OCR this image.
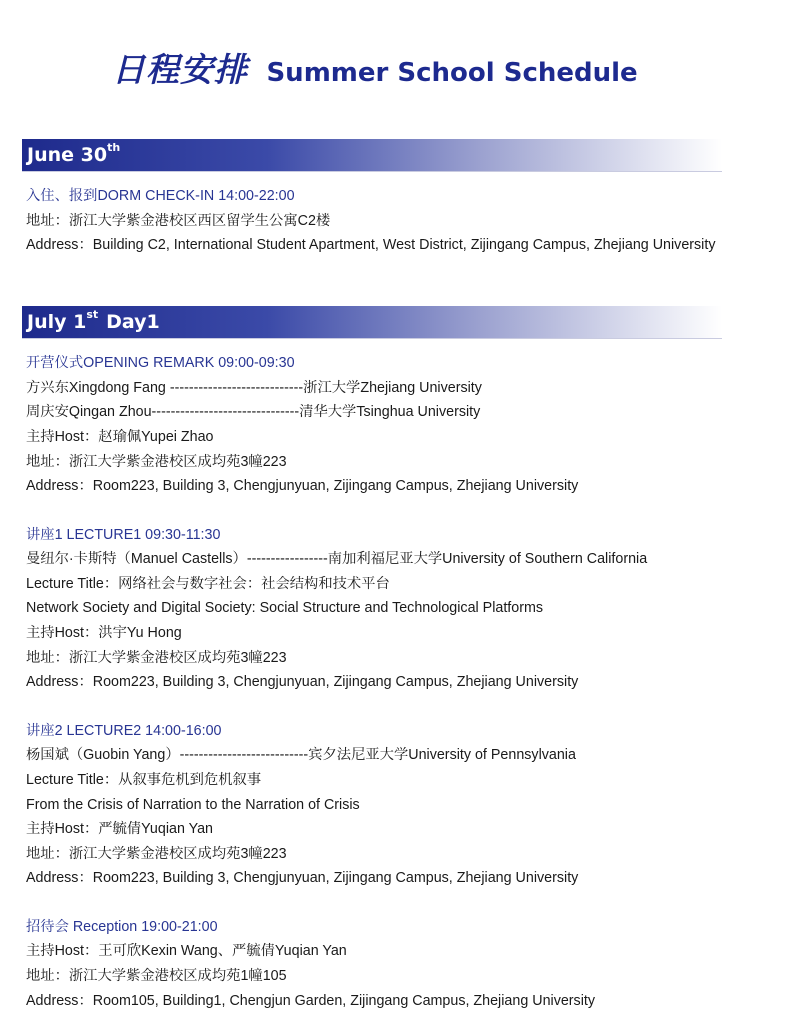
日程安排 Summer School Schedule
June 30th
入住、报到DORM CHECK-IN 14:00-22:00
地址：浙江大学紫金港校区西区留学生公寓C2楼
Address：Building C2, International Student Apartment, West District, Zijingang Campus, Zhejiang University
July 1st Day1
开营仪式OPENING REMARK 09:00-09:30
方兴东Xingdong Fang ----------------------------浙江大学Zhejiang University
周庆安Qingan Zhou-------------------------------清华大学Tsinghua University
主持Host：赵瑜佩Yupei Zhao
地址：浙江大学紫金港校区成均苑3幢223
Address：Room223, Building 3, Chengjunyuan, Zijingang Campus, Zhejiang University
讲座1 LECTURE1 09:30-11:30
曼纽尔·卡斯特（Manuel Castells）-----------------南加利福尼亚大学University of Southern California
Lecture Title：网络社会与数字社会：社会结构和技术平台
Network Society and Digital Society: Social Structure and Technological Platforms
主持Host：洪宇Yu Hong
地址：浙江大学紫金港校区成均苑3幢223
Address：Room223, Building 3, Chengjunyuan, Zijingang Campus, Zhejiang University
讲座2 LECTURE2 14:00-16:00
杨国斌（Guobin Yang）---------------------------宾夕法尼亚大学University of Pennsylvania
Lecture Title：从叙事危机到危机叙事
From the Crisis of Narration to the Narration of Crisis
主持Host：严毓倩Yuqian Yan
地址：浙江大学紫金港校区成均苑3幢223
Address：Room223, Building 3, Chengjunyuan, Zijingang Campus, Zhejiang University
招待会 Reception 19:00-21:00
主持Host：王可欣Kexin Wang、严毓倩Yuqian Yan
地址：浙江大学紫金港校区成均苑1幢105
Address：Room105, Building1, Chengjun Garden, Zijingang Campus, Zhejiang University
